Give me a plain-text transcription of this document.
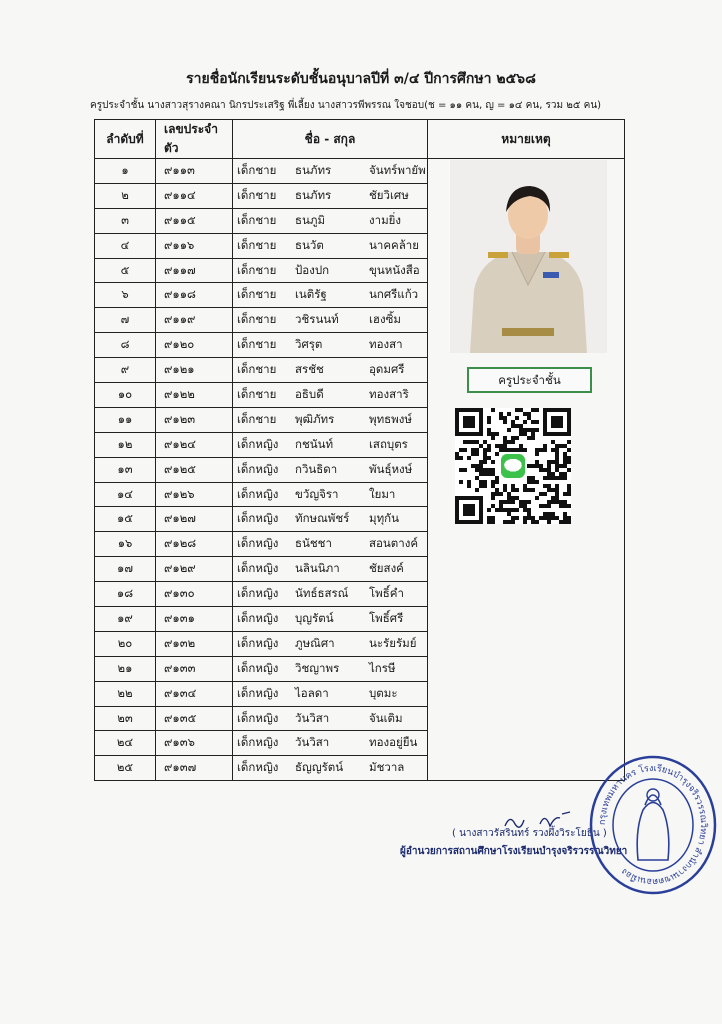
รายชื่อนักเรียนระดับชั้นอนุบาลปีที่ ๓/๔ ปีการศึกษา ๒๕๖๘
ครูประจำชั้น นางสาวสุรางคณา นิกรประเสริฐ พี่เลี้ยง นางสาวรพีพรรณ ใจชอบ(ช = ๑๑ คน, ญ = ๑๔ คน, รวม ๒๕ คน)
ลำดับที่	เลขประจำตัว	ชื่อ - สกุล	หมายเหตุ
๑	๙๑๑๓	เด็กชาย ธนภัทร จันทร์พายัพ	

๒	๙๑๑๔	เด็กชาย ธนภัทร ชัยวิเศษ	

๓	๙๑๑๕	เด็กชาย ธนภูมิ งามยิ่ง	

๔	๙๑๑๖	เด็กชาย ธนวัต นาคคล้าย	

๕	๙๑๑๗	เด็กชาย ป้องปก ขุนหนังสือ	

๖	๙๑๑๘	เด็กชาย เนติรัฐ นกศรีแก้ว	

๗	๙๑๑๙	เด็กชาย วชิรนนท์ เฮงซิ้ม	

๘	๙๑๒๐	เด็กชาย วิศรุต ทองสา	

๙	๙๑๒๑	เด็กชาย สรชัช อุดมศรี	

๑๐	๙๑๒๒	เด็กชาย อธิบดี ทองสาริ	

๑๑	๙๑๒๓	เด็กชาย พุฒิภัทร พุทธพงษ์	

๑๒	๙๑๒๔	เด็กหญิง กชนันท์ เสถบุตร	

๑๓	๙๑๒๕	เด็กหญิง กวินธิดา พันธุ์หงษ์	

๑๔	๙๑๒๖	เด็กหญิง ขวัญจิรา ใยมา	

๑๕	๙๑๒๗	เด็กหญิง ทักษณพัชร์ มุทุกัน	

๑๖	๙๑๒๘	เด็กหญิง ธนัชชา สอนตางค์	

๑๗	๙๑๒๙	เด็กหญิง นลินนิภา ชัยสงค์	

๑๘	๙๑๓๐	เด็กหญิง นัทธ์ธสรณ์ โพธิ์คำ	

๑๙	๙๑๓๑	เด็กหญิง บุญรัตน์ โพธิ์ศรี	

๒๐	๙๑๓๒	เด็กหญิง ภูษณิศา นะรัยรัมย์	

๒๑	๙๑๓๓	เด็กหญิง วิชญาพร ไกรษี	

๒๒	๙๑๓๔	เด็กหญิง ไอลดา บุตมะ	

๒๓	๙๑๓๕	เด็กหญิง วันวิสา จันเติม	

๒๔	๙๑๓๖	เด็กหญิง วันวิสา ทองอยู่ยืน	

๒๕	๙๑๓๗	เด็กหญิง ธัญญรัตน์ มัชวาล	
ครูประจำชั้น
( นางสาวรัสรินทร์ รวงผึ้งวิระโยธิน )
ผู้อำนวยการสถานศึกษาโรงเรียนบำรุงจริรวรรณวิทยา
กรุงเทพมหานคร โรงเรียนบำรุงจริรวรรณวิทยา สำนักงานเขตดอนเมือง
